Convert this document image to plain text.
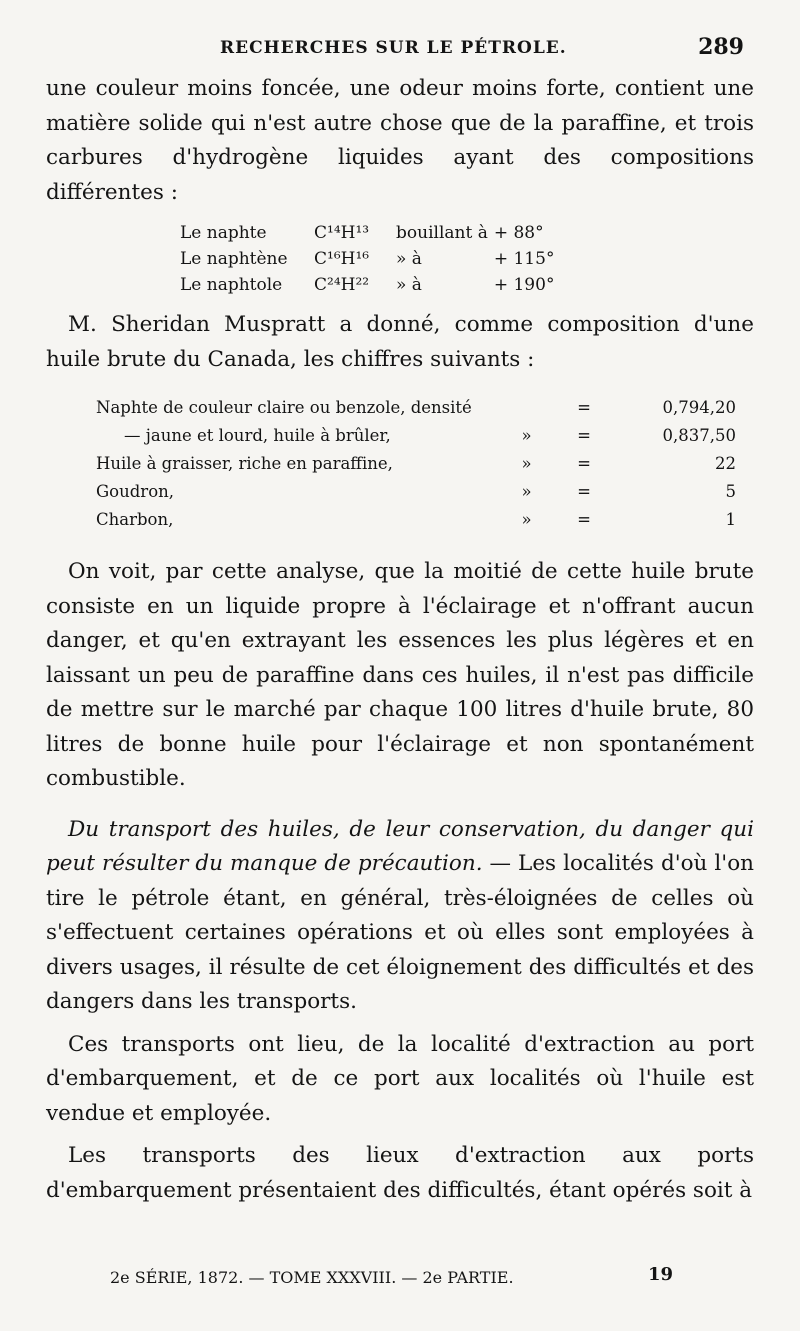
RECHERCHES SUR LE PÉTROLE.	289

une couleur moins foncée, une odeur moins forte, contient une matière solide qui n'est autre chose que de la paraffine, et trois carbures d'hydrogène liquides ayant des compositions différentes :

Le naphte	C¹⁴H¹³	bouillant à	+ 88°
Le naphtène	C¹⁶H¹⁶	» à	+ 115°
Le naphtole	C²⁴H²²	» à	+ 190°

M. Sheridan Muspratt a donné, comme composition d'une huile brute du Canada, les chiffres suivants :

Naphte de couleur claire ou benzole, densité		=	0,794,20
— jaune et lourd, huile à brûler,	»	=	0,837,50
Huile à graisser, riche en paraffine,	»	=	22
Goudron,	»	=	5
Charbon,	»	=	1

On voit, par cette analyse, que la moitié de cette huile brute consiste en un liquide propre à l'éclairage et n'offrant aucun danger, et qu'en extrayant les essences les plus légères et en laissant un peu de paraffine dans ces huiles, il n'est pas difficile de mettre sur le marché par chaque 100 litres d'huile brute, 80 litres de bonne huile pour l'éclairage et non spontanément combustible.

Du transport des huiles, de leur conservation, du danger qui peut résulter du manque de précaution. — Les localités d'où l'on tire le pétrole étant, en général, très-éloignées de celles où s'effectuent certaines opérations et où elles sont employées à divers usages, il résulte de cet éloignement des difficultés et des dangers dans les transports.

Ces transports ont lieu, de la localité d'extraction au port d'embarquement, et de ce port aux localités où l'huile est vendue et employée.

Les transports des lieux d'extraction aux ports d'embarquement présentaient des difficultés, étant opérés soit à

2e SÉRIE, 1872. — TOME XXXVIII. — 2e PARTIE.	19
